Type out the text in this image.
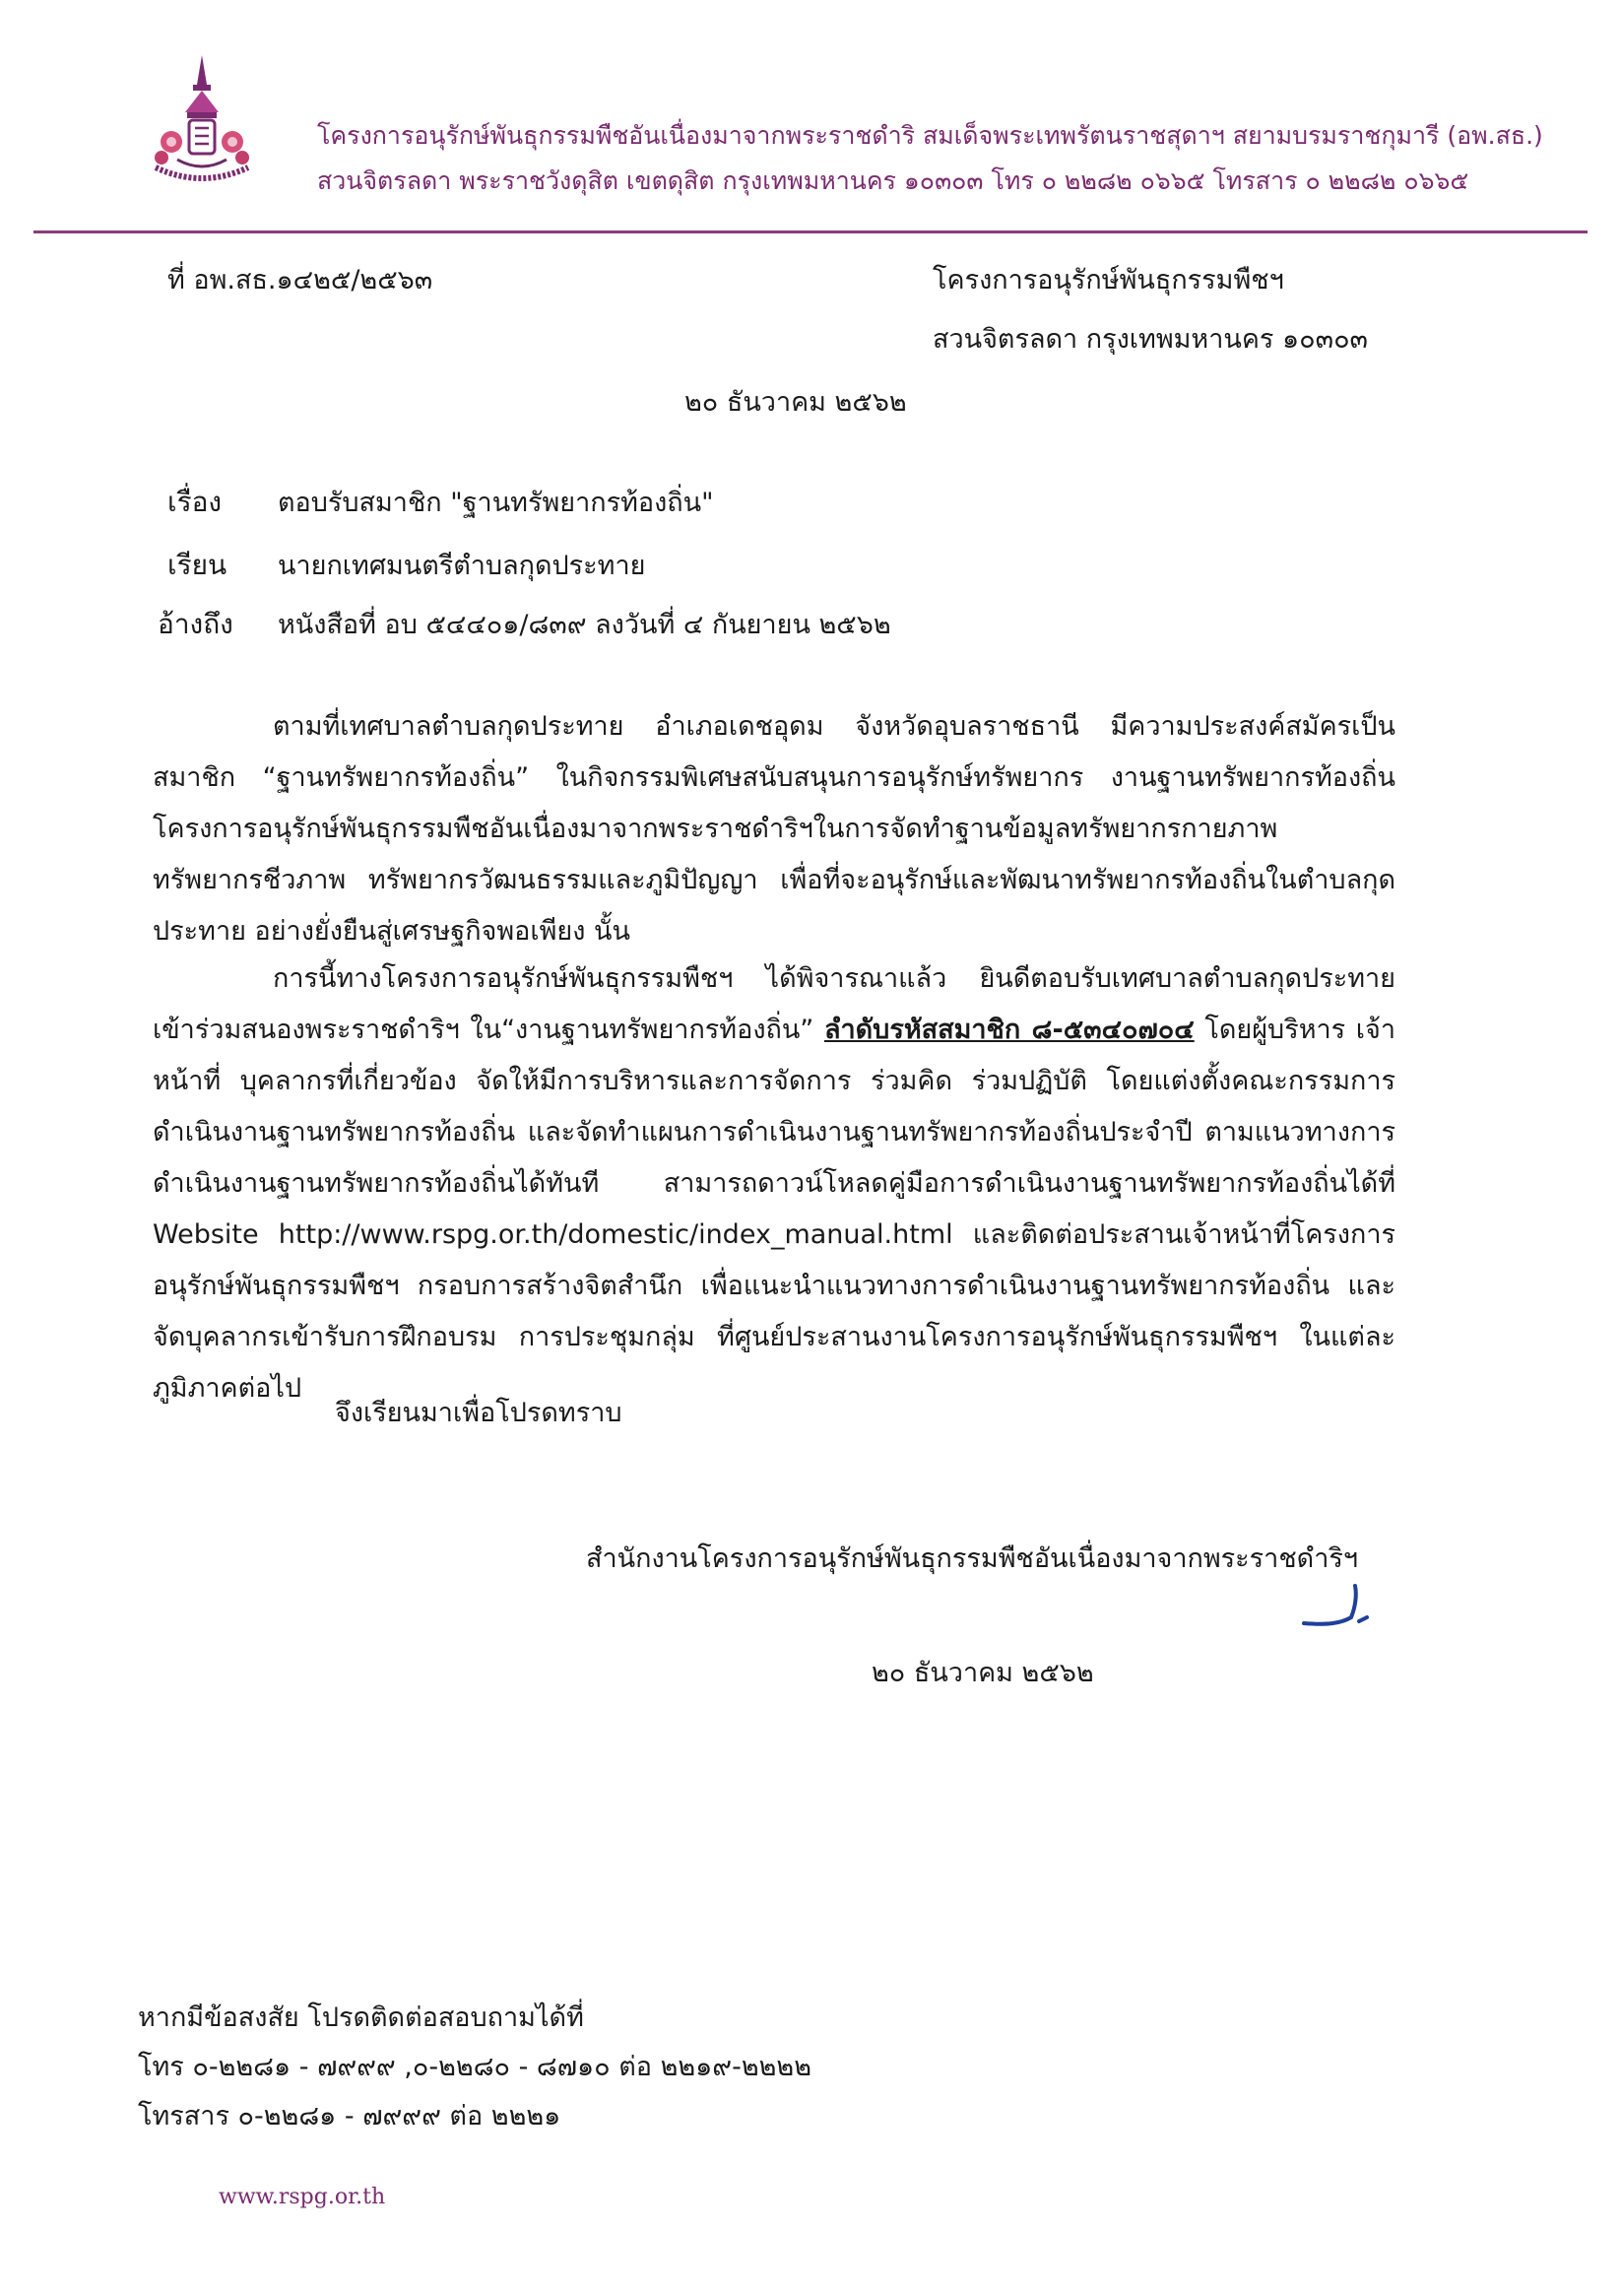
โครงการอนุรักษ์พันธุกรรมพืชอันเนื่องมาจากพระราชดำริ สมเด็จพระเทพรัตนราชสุดาฯ สยามบรมราชกุมารี (อพ.สธ.)
สวนจิตรลดา พระราชวังดุสิต เขตดุสิต กรุงเทพมหานคร ๑๐๓๐๓ โทร ๐ ๒๒๘๒ ๐๖๖๕ โทรสาร ๐ ๒๒๘๒ ๐๖๖๕
ที่ อพ.สธ.๑๔๒๕/๒๕๖๓	โครงการอนุรักษ์พันธุกรรมพืชฯ
สวนจิตรลดา กรุงเทพมหานคร ๑๐๓๐๓
๒๐ ธันวาคม ๒๕๖๒
เรื่อง ตอบรับสมาชิก "ฐานทรัพยากรท้องถิ่น"
เรียน นายกเทศมนตรีตำบลกุดประทาย
อ้างถึง หนังสือที่ อบ ๕๔๔๐๑/๘๓๙ ลงวันที่ ๔ กันยายน ๒๕๖๒
ตามที่เทศบาลตำบลกุดประทาย อำเภอเดชอุดม จังหวัดอุบลราชธานี มีความประสงค์สมัครเป็นสมาชิก “ฐานทรัพยากรท้องถิ่น” ในกิจกรรมพิเศษสนับสนุนการอนุรักษ์ทรัพยากร งานฐานทรัพยากรท้องถิ่น โครงการอนุรักษ์พันธุกรรมพืชอันเนื่องมาจากพระราชดำริฯในการจัดทำฐานข้อมูลทรัพยากรกายภาพ ทรัพยากรชีวภาพ ทรัพยากรวัฒนธรรมและภูมิปัญญา เพื่อที่จะอนุรักษ์และพัฒนาทรัพยากรท้องถิ่นในตำบลกุดประทาย อย่างยั่งยืนสู่เศรษฐกิจพอเพียง นั้น
การนี้ทางโครงการอนุรักษ์พันธุกรรมพืชฯ ได้พิจารณาแล้ว ยินดีตอบรับเทศบาลตำบลกุดประทาย เข้าร่วมสนองพระราชดำริฯ ใน“งานฐานทรัพยากรท้องถิ่น” ลำดับรหัสสมาชิก ๘-๕๓๔๐๗๐๔ โดยผู้บริหาร เจ้าหน้าที่ บุคลากรที่เกี่ยวข้อง จัดให้มีการบริหารและการจัดการ ร่วมคิด ร่วมปฏิบัติ โดยแต่งตั้งคณะกรรมการดำเนินงานฐานทรัพยากรท้องถิ่น และจัดทำแผนการดำเนินงานฐานทรัพยากรท้องถิ่นประจำปี ตามแนวทางการดำเนินงานฐานทรัพยากรท้องถิ่นได้ทันที สามารถดาวน์โหลดคู่มือการดำเนินงานฐานทรัพยากรท้องถิ่นได้ที่ Website http://www.rspg.or.th/domestic/index_manual.html และติดต่อประสานเจ้าหน้าที่โครงการอนุรักษ์พันธุกรรมพืชฯ กรอบการสร้างจิตสำนึก เพื่อแนะนำแนวทางการดำเนินงานฐานทรัพยากรท้องถิ่น และจัดบุคลากรเข้ารับการฝึกอบรม การประชุมกลุ่ม ที่ศูนย์ประสานงานโครงการอนุรักษ์พันธุกรรมพืชฯ ในแต่ละภูมิภาคต่อไป
จึงเรียนมาเพื่อโปรดทราบ
สำนักงานโครงการอนุรักษ์พันธุกรรมพืชอันเนื่องมาจากพระราชดำริฯ
๒๐ ธันวาคม ๒๕๖๒
หากมีข้อสงสัย โปรดติดต่อสอบถามได้ที่
โทร ๐-๒๒๘๑ - ๗๙๙๙ ,๐-๒๒๘๐ - ๘๗๑๐ ต่อ ๒๒๑๙-๒๒๒๒
โทรสาร ๐-๒๒๘๑ - ๗๙๙๙ ต่อ ๒๒๒๑
www.rspg.or.th
